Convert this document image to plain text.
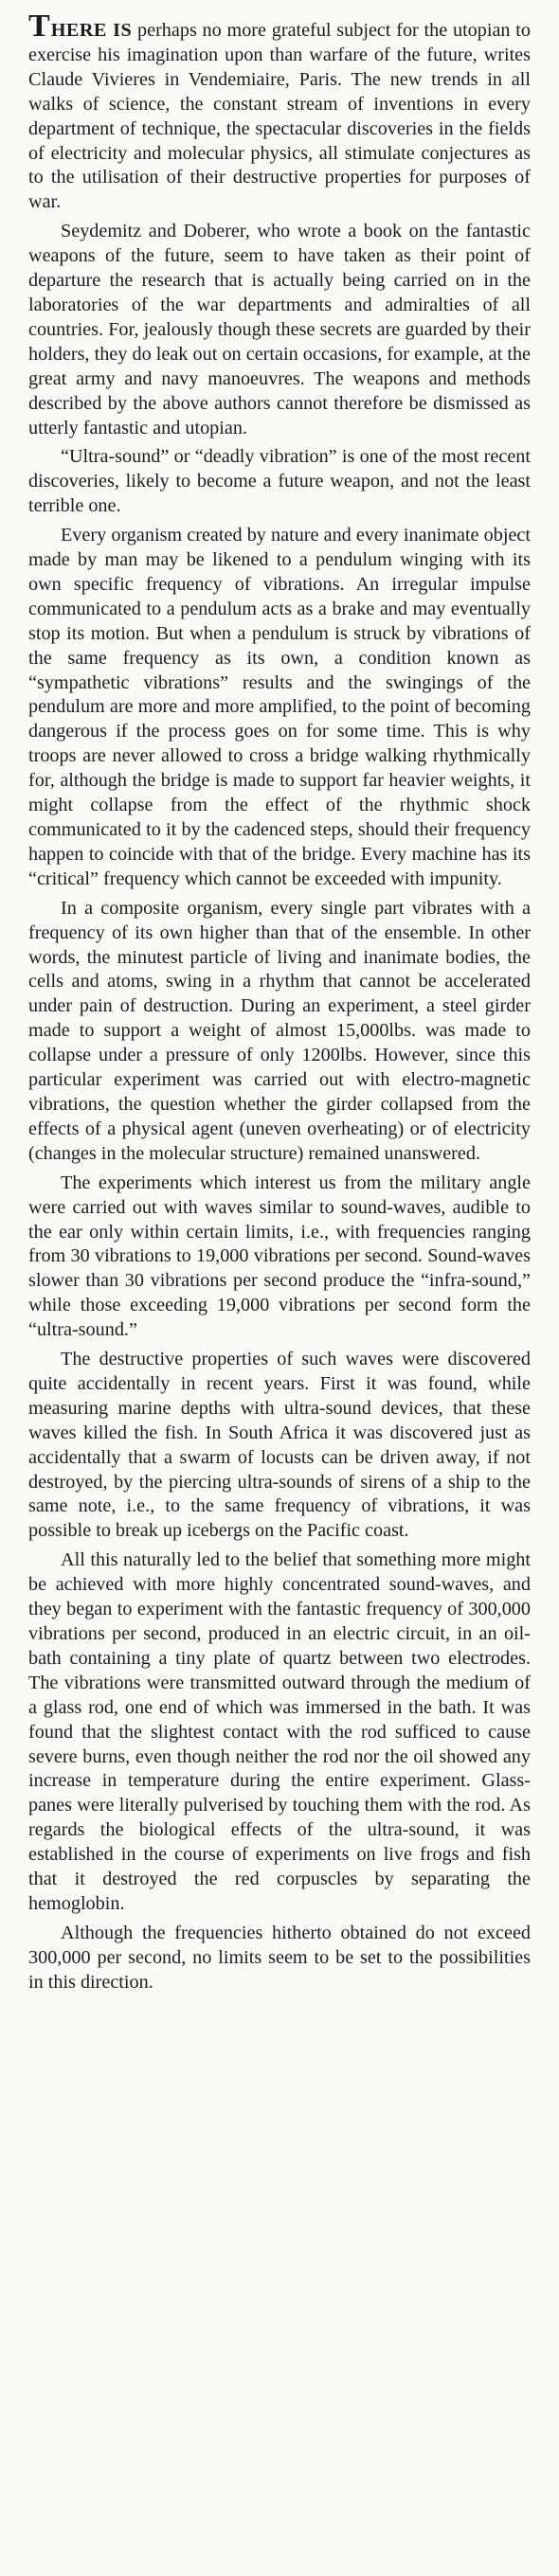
THERE IS perhaps no more grateful subject for the utopian to exercise his imagination upon than warfare of the future, writes Claude Vivieres in Vendemiaire, Paris. The new trends in all walks of science, the constant stream of inventions in every department of technique, the spectacular discoveries in the fields of electricity and molecular physics, all stimulate conjectures as to the utilisation of their destructive properties for purposes of war.

Seydemitz and Doberer, who wrote a book on the fantastic weapons of the future, seem to have taken as their point of departure the research that is actually being carried on in the laboratories of the war departments and admiralties of all countries. For, jealously though these secrets are guarded by their holders, they do leak out on certain occasions, for example, at the great army and navy manoeuvres. The weapons and methods described by the above authors cannot therefore be dismissed as utterly fantastic and utopian.

“Ultra-sound” or “deadly vibration” is one of the most recent discoveries, likely to become a future weapon, and not the least terrible one.

Every organism created by nature and every inanimate object made by man may be likened to a pendulum winging with its own specific frequency of vibrations. An irregular impulse communicated to a pendulum acts as a brake and may eventually stop its motion. But when a pendulum is struck by vibrations of the same frequency as its own, a condition known as “sympathetic vibrations” results and the swingings of the pendulum are more and more amplified, to the point of becoming dangerous if the process goes on for some time. This is why troops are never allowed to cross a bridge walking rhythmically for, although the bridge is made to support far heavier weights, it might collapse from the effect of the rhythmic shock communicated to it by the cadenced steps, should their frequency happen to coincide with that of the bridge. Every machine has its “critical” frequency which cannot be exceeded with impunity.

In a composite organism, every single part vibrates with a frequency of its own higher than that of the ensemble. In other words, the minutest particle of living and inanimate bodies, the cells and atoms, swing in a rhythm that cannot be accelerated under pain of destruction. During an experiment, a steel girder made to support a weight of almost 15,000lbs. was made to collapse under a pressure of only 1200lbs. However, since this particular experiment was carried out with electro-magnetic vibrations, the question whether the girder collapsed from the effects of a physical agent (uneven overheating) or of electricity (changes in the molecular structure) remained unanswered.

The experiments which interest us from the military angle were carried out with waves similar to sound-waves, audible to the ear only within certain limits, i.e., with frequencies ranging from 30 vibrations to 19,000 vibrations per second. Sound-waves slower than 30 vibrations per second produce the “infra-sound,” while those exceeding 19,000 vibrations per second form the “ultra-sound.”

The destructive properties of such waves were discovered quite accidentally in recent years. First it was found, while measuring marine depths with ultra-sound devices, that these waves killed the fish. In South Africa it was discovered just as accidentally that a swarm of locusts can be driven away, if not destroyed, by the piercing ultra-sounds of sirens of a ship to the same note, i.e., to the same frequency of vibrations, it was possible to break up icebergs on the Pacific coast.

All this naturally led to the belief that something more might be achieved with more highly concentrated sound-waves, and they began to experiment with the fantastic frequency of 300,000 vibrations per second, produced in an electric circuit, in an oil-bath containing a tiny plate of quartz between two electrodes. The vibrations were transmitted outward through the medium of a glass rod, one end of which was immersed in the bath. It was found that the slightest contact with the rod sufficed to cause severe burns, even though neither the rod nor the oil showed any increase in temperature during the entire experiment. Glass-panes were literally pulverised by touching them with the rod. As regards the biological effects of the ultra-sound, it was established in the course of experiments on live frogs and fish that it destroyed the red corpuscles by separating the hemoglobin.

Although the frequencies hitherto obtained do not exceed 300,000 per second, no limits seem to be set to the possibilities in this direction.
